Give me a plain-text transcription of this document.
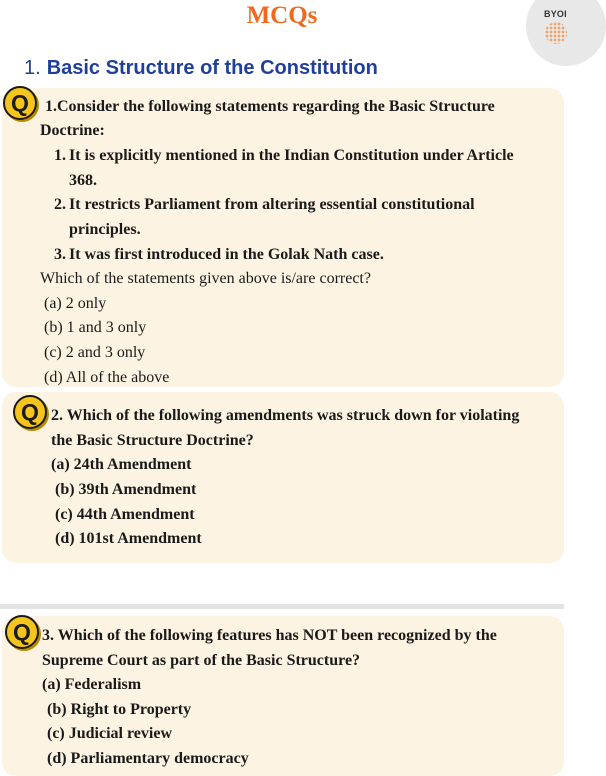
MCQs	BYOI
1. Basic Structure of the Constitution
Q	1.Consider the following statements regarding the Basic Structure
Doctrine:
1. It is explicitly mentioned in the Indian Constitution under Article
368.
2. It restricts Parliament from altering essential constitutional
principles.
3. It was first introduced in the Golak Nath case.
Which of the statements given above is/are correct?
(a) 2 only
(b) 1 and 3 only
(c) 2 and 3 only
(d) All of the above
Q 2. Which of the following amendments was struck down for violating
the Basic Structure Doctrine?
(a) 24th Amendment
(b) 39th Amendment
(c) 44th Amendment
(d) 101st Amendment
Q 3. Which of the following features has NOT been recognized by the
Supreme Court as part of the Basic Structure?
(a) Federalism
(b) Right to Property
(c) Judicial review
(d) Parliamentary democracy
